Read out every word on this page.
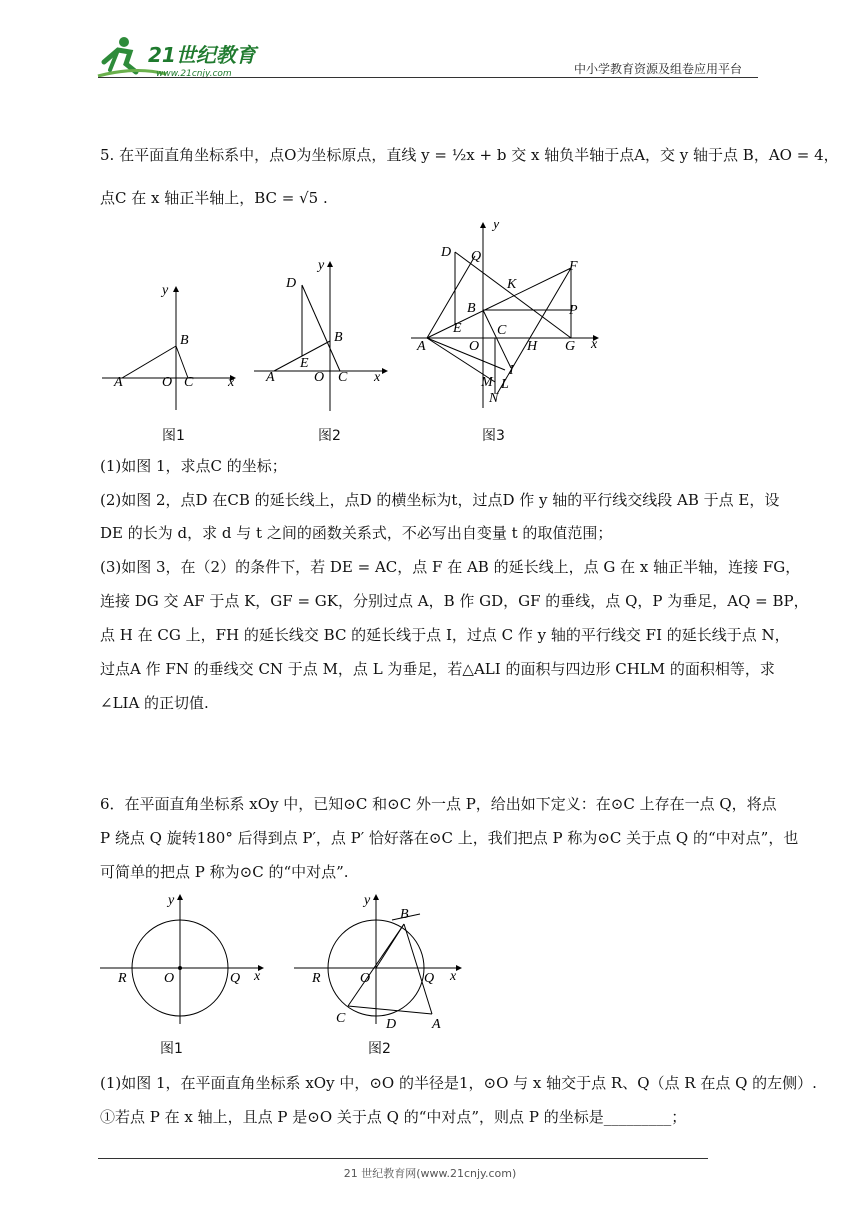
21世纪教育
www.21cnjy.com	中小学教育资源及组卷应用平台
5. 在平面直角坐标系中，点O为坐标原点，直线 y = ½x + b 交 x 轴负半轴于点A，交 y 轴于点 B，AO = 4，
点C 在 x 轴正半轴上，BC = √5 .
y
x
A	O C
B
图1
y
x
A	O C
B
D
E
图2
y
x
A	O
C
B
D Q
E
K
F
P
G
H
I
L
M
N
图3
(1)如图 1，求点C 的坐标；
(2)如图 2，点D 在CB 的延长线上，点D 的横坐标为t，过点D 作 y 轴的平行线交线段 AB 于点 E，设
DE 的长为 d，求 d 与 t 之间的函数关系式，不必写出自变量 t 的取值范围；
(3)如图 3，在（2）的条件下，若 DE = AC，点 F 在 AB 的延长线上，点 G 在 x 轴正半轴，连接 FG，
连接 DG 交 AF 于点 K，GF = GK，分别过点 A，B 作 GD，GF 的垂线，点 Q，P 为垂足，AQ = BP，
点 H 在 CG 上，FH 的延长线交 BC 的延长线于点 I，过点 C 作 y 轴的平行线交 FI 的延长线于点 N，
过点A 作 FN 的垂线交 CN 于点 M，点 L 为垂足，若△ALI 的面积与四边形 CHLM 的面积相等，求
∠LIA 的正切值.
6．在平面直角坐标系 xOy 中，已知⊙C 和⊙C 外一点 P，给出如下定义：在⊙C 上存在一点 Q，将点
P 绕点 Q 旋转180° 后得到点 P′，点 P′ 恰好落在⊙C 上，我们把点 P 称为⊙C 关于点 Q 的“中对点”，也
可简单的把点 P 称为⊙C 的“中对点”.
y
x
R	O	Q
图1
y
x
R	O	Q
B
C	D	A
图2
(1)如图 1，在平面直角坐标系 xOy 中，⊙O 的半径是1，⊙O 与 x 轴交于点 R、Q（点 R 在点 Q 的左侧）.
①若点 P 在 x 轴上，且点 P 是⊙O 关于点 Q 的“中对点”，则点 P 的坐标是_________；
21 世纪教育网(www.21cnjy.com)
